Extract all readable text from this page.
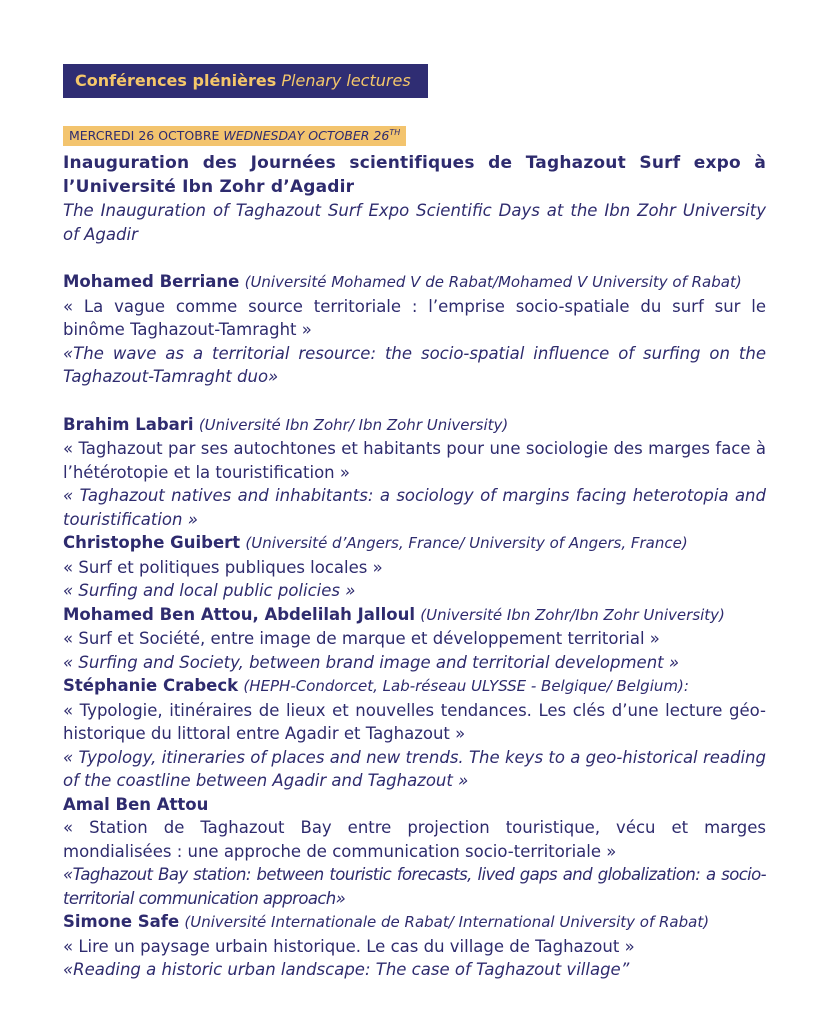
Conférences plénières Plenary lectures
MERCREDI 26 OCTOBRE WEDNESDAY OCTOBER 26TH

Inauguration des Journées scientifiques de Taghazout Surf expo à l’Université Ibn Zohr d’Agadir

The Inauguration of Taghazout Surf Expo Scientific Days at the Ibn Zohr University of Agadir

Mohamed Berriane (Université Mohamed V de Rabat/Mohamed V University of Rabat)

« La vague comme source territoriale : l’emprise socio-spatiale du surf sur le binôme Taghazout-Tamraght »

«The wave as a territorial resource: the socio-spatial influence of surfing on the Taghazout-Tamraght duo»

Brahim Labari (Université Ibn Zohr/ Ibn Zohr University)

« Taghazout par ses autochtones et habitants pour une sociologie des marges face à l’hétérotopie et la touristification »

« Taghazout natives and inhabitants: a sociology of margins facing heterotopia and touristification »

Christophe Guibert (Université d’Angers, France/ University of Angers, France)

« Surf et politiques publiques locales »

« Surfing and local public policies »

Mohamed Ben Attou, Abdelilah Jalloul (Université Ibn Zohr/Ibn Zohr University)

« Surf et Société, entre image de marque et développement territorial »

« Surfing and Society, between brand image and territorial development »

Stéphanie Crabeck (HEPH-Condorcet, Lab-réseau ULYSSE - Belgique/ Belgium):

« Typologie, itinéraires de lieux et nouvelles tendances. Les clés d’une lecture géo-historique du littoral entre Agadir et Taghazout »

« Typology, itineraries of places and new trends. The keys to a geo-historical reading of the coastline between Agadir and Taghazout »

Amal Ben Attou

« Station de Taghazout Bay entre projection touristique, vécu et marges mondialisées : une approche de communication socio-territoriale »

«Taghazout Bay station: between touristic forecasts, lived gaps and globalization: a socio-territorial communication approach»

Simone Safe (Université Internationale de Rabat/ International University of Rabat)

« Lire un paysage urbain historique. Le cas du village de Taghazout »

«Reading a historic urban landscape: The case of Taghazout village”
